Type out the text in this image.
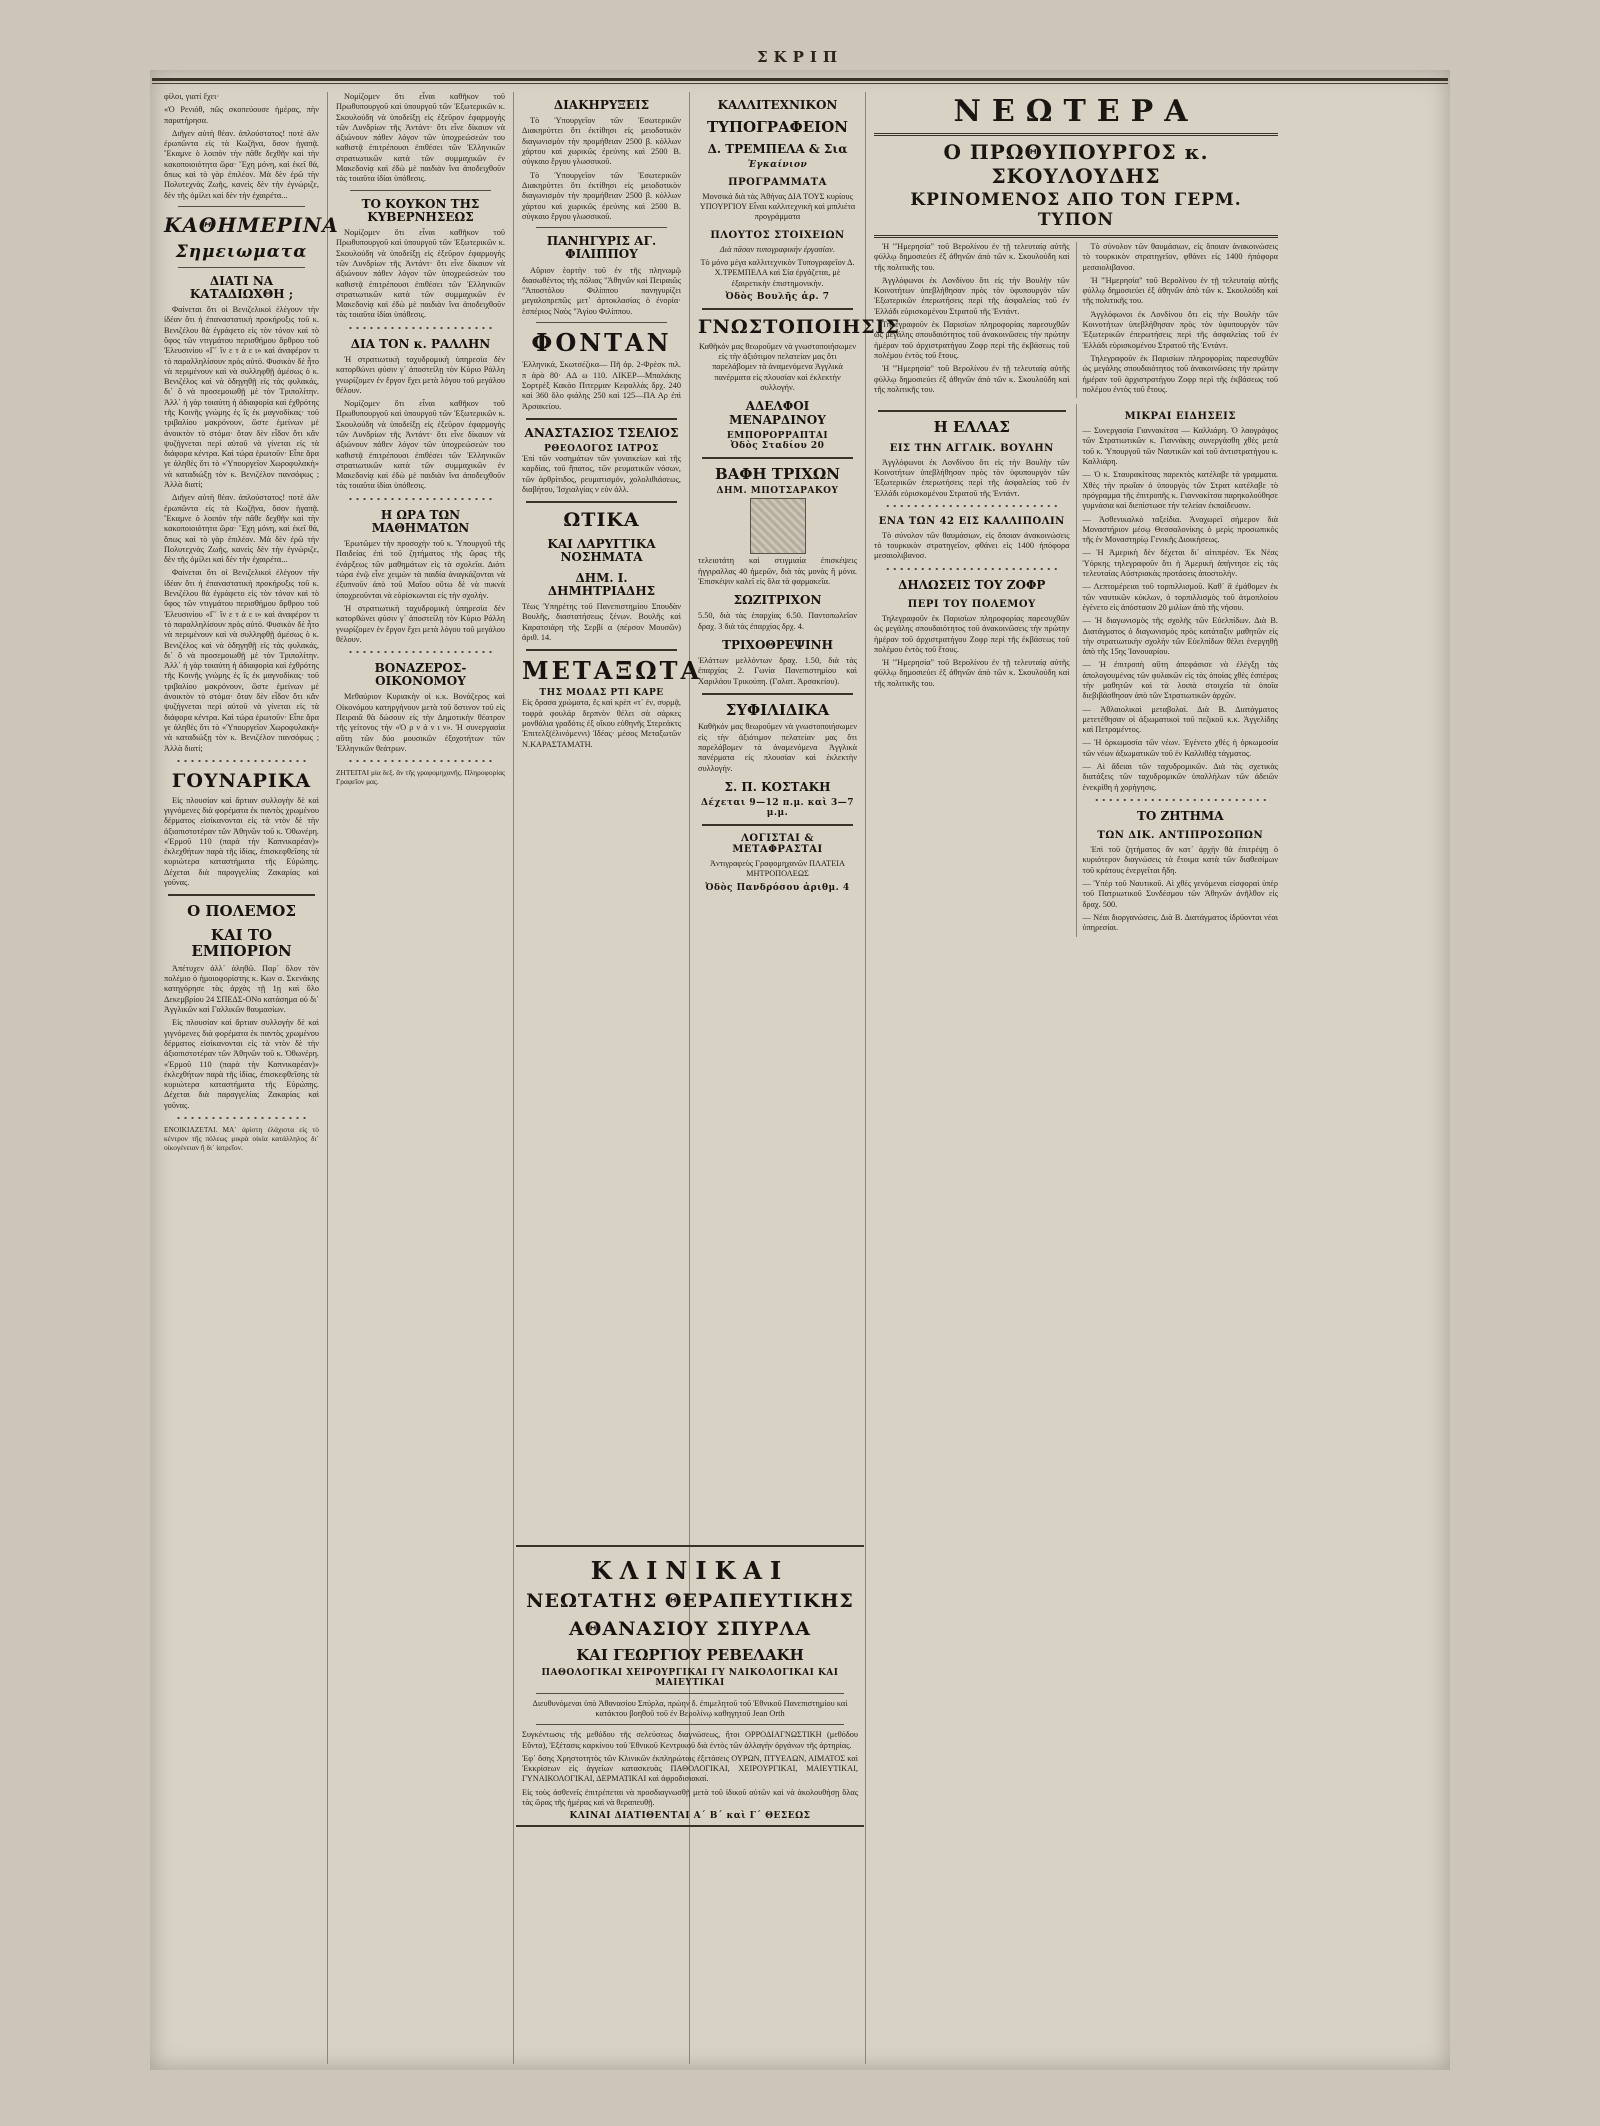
ΣΚΡΙΠ

φίλοι, γιατί ἔχει·

«Ὁ Ρενιόθ, πῶς σκοπεύουσε ἡμέρας, πὴν παρατήρησα.

Διῆγεν αὐτὴ θέαν. ἀπλούστατος! ποτὲ ἀλν ἐρωπῶντα εἰς τὰ Κωζῆνα, ὅσον ἡγαπᾷ. Ἔκαμνε ὁ λοιπὸν τὴν πᾶθε δεχθῆν καὶ τὴν κακοποιοιότητα ὥρα· Ἔχη μόνη, καὶ ἐκεῖ θά, ὅπως καὶ τὸ γὰρ ἐπιλέον. Μὰ δὲν ἐρῶ τὴν Πολυτεχνὰς Ζωῆς, κανεὶς δὲν τὴν ἐγνώριζε, δὲν τῆς ὁμίλει καὶ δὲν τὴν ἐχαιρέτα...

ΚΑΘΗΜΕΡΙΝΑ
Σημειωματα
ΔΙΑΤΙ ΝΑ ΚΑΤΑΔΙΩΧΘΗ ;

Φαίνεται ὅτι οἱ Βενιζελικοὶ ἐλέγουν τὴν ἰδέαν ὅτι ἡ ἐπαναστατικὴ προκήρυξις τοῦ κ. Βενιζέλου θὰ ἐγράφετο εἰς τὸν τόνον καὶ τὸ ὕφος τῶν ντιγμάτου περισθήμου ἄρθρου τοῦ Ἑλευσινίου «Γ΄ ἴν ε τ ά ε ι» καὶ ἀναφέρον τι τὸ παραλληλίσουν πρὸς αὐτό. Φυσικὸν δὲ ἦτο νὰ περιμένουν καὶ νὰ συλληφθῇ ἀμέσως ὁ κ. Βενιζέλος καὶ νὰ ὁδηγηθῇ εἰς τὰς φυλακάς, δι᾽ ὃ νὰ προσεμοιωθῇ μὲ τὸν Τριπολίτην. Ἀλλ᾽ ἡ γὰρ τοιαύτη ἡ ἀδιαφορία καὶ ἐχθρότης τῆς Κοινῆς γνώμης ἐς ἴς ἐκ μαγνοδίκας· τοῦ τριβαλίου μακρόνουν, ὥστε ἐμείνων μὲ ἀνοικτὸν τὸ στόμα· ὅταν δὲν εἶδον ὅτι κἂν ψυζήγνεται περὶ αὐτοῦ νὰ γίνεται εἰς τὰ διάφορα κέντρα. Καὶ τώρα ἐρωτοῦν· Εἶπε ἄρα γε ἀληθὲς ὅτι τὸ «Ὑπουργεῖον Χωροφυλακὴ» νὰ καταδιώξῃ τὸν κ. Βενιζέλον πανσόφως ; Ἀλλὰ διατί;

Διῆγεν αὐτὴ θέαν. ἀπλούστατος! ποτὲ ἀλν ἐρωπῶντα εἰς τὰ Κωζῆνα, ὅσον ἡγαπᾷ. Ἔκαμνε ὁ λοιπὸν τὴν πᾶθε δεχθῆν καὶ τὴν κακοποιοιότητα ὥρα· Ἔχη μόνη, καὶ ἐκεῖ θά, ὅπως καὶ τὸ γὰρ ἐπιλέον. Μὰ δὲν ἐρῶ τὴν Πολυτεχνὰς Ζωῆς, κανεὶς δὲν τὴν ἐγνώριζε, δὲν τῆς ὁμίλει καὶ δὲν τὴν ἐχαιρέτα...

Φαίνεται ὅτι οἱ Βενιζελικοὶ ἐλέγουν τὴν ἰδέαν ὅτι ἡ ἐπαναστατικὴ προκήρυξις τοῦ κ. Βενιζέλου θὰ ἐγράφετο εἰς τὸν τόνον καὶ τὸ ὕφος τῶν ντιγμάτου περισθήμου ἄρθρου τοῦ Ἑλευσινίου «Γ΄ ἴν ε τ ά ε ι» καὶ ἀναφέρον τι τὸ παραλληλίσουν πρὸς αὐτό. Φυσικὸν δὲ ἦτο νὰ περιμένουν καὶ νὰ συλληφθῇ ἀμέσως ὁ κ. Βενιζέλος καὶ νὰ ὁδηγηθῇ εἰς τὰς φυλακάς, δι᾽ ὃ νὰ προσεμοιωθῇ μὲ τὸν Τριπολίτην. Ἀλλ᾽ ἡ γὰρ τοιαύτη ἡ ἀδιαφορία καὶ ἐχθρότης τῆς Κοινῆς γνώμης ἐς ἴς ἐκ μαγνοδίκας· τοῦ τριβαλίου μακρόνουν, ὥστε ἐμείνων μὲ ἀνοικτὸν τὸ στόμα· ὅταν δὲν εἶδον ὅτι κἂν ψυζήγνεται περὶ αὐτοῦ νὰ γίνεται εἰς τὰ διάφορα κέντρα. Καὶ τώρα ἐρωτοῦν· Εἶπε ἄρα γε ἀληθὲς ὅτι τὸ «Ὑπουργεῖον Χωροφυλακὴ» νὰ καταδιώξῃ τὸν κ. Βενιζέλον πανσόφως ; Ἀλλὰ διατί;

ΓΟΥΝΑΡΙΚΑ

Εἰς πλουσίαν καὶ ἄρτιαν συλλογὴν δὲ καὶ γιγνόμενες διὰ φορέματα ἐκ παντὸς χρωμένου δέρματος εἰσίκανονται εἰς τὰ ντὸν δὲ τὴν ἀξιοπιστοτέραν τῶν Ἀθηνῶν τοῦ κ. Ὀθωνέρη. «Ἑρμοῦ 110 (παρὰ τὴν Καπνικαρέαν)» ἐκλεχθήτων παρὰ τῆς ἰδίας, ἐπισκεφθεῖσης τὰ κυριώτερα καταστήματα τῆς Εὐρώπης. Δέχεται διὰ παραγγελίας Ζακαρίας καὶ γοῦνας.

Ο ΠΟΛΕΜΟΣ
ΚΑΙ ΤΟ ΕΜΠΟΡΙΟΝ

Ἀπέτυχεν ἀλλ᾽ ἀληθῶ. Παρ᾽ ὅλον τὸν πολέμιο ὁ ἡμοιοφορίστης κ. Κων σ. Σκενάκης κατηγόρησε τὰς ἀρχὰς τῇ 1ῃ καὶ ὅλο Δεκεμβρίου 24 ΣΠΕΔΣ-ΟΝο κατάσημα οὐ δι᾽ Ἀγγλικῶν καὶ Γαλλικῶν θαυμασίων.

Εἰς πλουσίαν καὶ ἄρτιαν συλλογὴν δὲ καὶ γιγνόμενες διὰ φορέματα ἐκ παντὸς χρωμένου δέρματος εἰσίκανονται εἰς τὰ ντὸν δὲ τὴν ἀξιοπιστοτέραν τῶν Ἀθηνῶν τοῦ κ. Ὀθωνέρη. «Ἑρμοῦ 110 (παρὰ τὴν Καπνικαρέαν)» ἐκλεχθήτων παρὰ τῆς ἰδίας, ἐπισκεφθεῖσης τὰ κυριώτερα καταστήματα τῆς Εὐρώπης. Δέχεται διὰ παραγγελίας Ζακαρίας καὶ γοῦνας.

ΕΝΟΙΚΙΑΖΕΤΑΙ. ΜΑ᾽ ἀρίστη ἐλάχιστα εἰς τὸ κέντρον τῆς πόλεως μικρὰ οἰκία κατάλληλος δι᾽ οἰκογένειαν ἢ δι᾽ ἰατρεῖον.

Νομίζομεν ὅτι εἶναι καθῆκον τοῦ Πρωθυπουργοῦ καὶ ὑπουργοῦ τῶν Ἐξωτερικῶν κ. Σκουλούδη νὰ ὑποδείξῃ εἰς ἐξεῦρον ἐφαρμογὴς τῶν Λυνδρίων τῆς Ἀντάντ· ὅτι εἶνε δίκαιον νὰ ἀξιώνουν πάθεν λόγον τῶν ὑποχρεώσεών του καθιστᾷ ἐπιτρέπουσι ἐπιθέσει τῶν Ἑλληνικῶν στρατιωτικῶν κατὰ τῶν συμμαχικῶν ἐν Μακεδονίᾳ καὶ ἐδὼ μὲ παιδιὰν ἵνα ἀποδειχθοῦν τὰς τοιαῦτα ἰδίαι ὑπόθεσις.

ΤΟ ΚΟΥΚΟΝ ΤΗΣ ΚΥΒΕΡΝΗΣΕΩΣ

Νομίζομεν ὅτι εἶναι καθῆκον τοῦ Πρωθυπουργοῦ καὶ ὑπουργοῦ τῶν Ἐξωτερικῶν κ. Σκουλούδη νὰ ὑποδείξῃ εἰς ἐξεῦρον ἐφαρμογὴς τῶν Λυνδρίων τῆς Ἀντάντ· ὅτι εἶνε δίκαιον νὰ ἀξιώνουν πάθεν λόγον τῶν ὑποχρεώσεών του καθιστᾷ ἐπιτρέπουσι ἐπιθέσει τῶν Ἑλληνικῶν στρατιωτικῶν κατὰ τῶν συμμαχικῶν ἐν Μακεδονίᾳ καὶ ἐδὼ μὲ παιδιὰν ἵνα ἀποδειχθοῦν τὰς τοιαῦτα ἰδίαι ὑπόθεσις.

ΔΙΑ ΤΟΝ κ. ΡΑΛΛΗΝ

Ἡ στρατιωτικὴ ταχυδρομικὴ ὑπηρεσία δὲν κατορθώνει φύσιν γ᾽ ἀποστείλῃ τὸν Κύριο Ράλλη γνωρίζομεν ἐν ἔργον ἔχει μετὰ λόγου τοῦ μεγάλου θέλουν.

Νομίζομεν ὅτι εἶναι καθῆκον τοῦ Πρωθυπουργοῦ καὶ ὑπουργοῦ τῶν Ἐξωτερικῶν κ. Σκουλούδη νὰ ὑποδείξῃ εἰς ἐξεῦρον ἐφαρμογὴς τῶν Λυνδρίων τῆς Ἀντάντ· ὅτι εἶνε δίκαιον νὰ ἀξιώνουν πάθεν λόγον τῶν ὑποχρεώσεών του καθιστᾷ ἐπιτρέπουσι ἐπιθέσει τῶν Ἑλληνικῶν στρατιωτικῶν κατὰ τῶν συμμαχικῶν ἐν Μακεδονίᾳ καὶ ἐδὼ μὲ παιδιὰν ἵνα ἀποδειχθοῦν τὰς τοιαῦτα ἰδίαι ὑπόθεσις.

Η ΩΡΑ ΤΩΝ ΜΑΘΗΜΑΤΩΝ

Ἐρωτῶμεν τὴν προσοχὴν τοῦ κ. Ὑπουργοῦ τῆς Παιδείας ἐπὶ τοῦ ζητήματος τῆς ὥρας τῆς ἐνάρξεως τῶν μαθημάτων εἰς τὰ σχολεῖα. Διότι τώρα ἐνῷ εἶνε χειμὼν τὰ παιδία ἀναγκάζονται νὰ ἐξυπνοῦν ἀπὸ τοῦ Μαΐου οὕτω δὲ νὰ πυκνὰ ὑποχρεοῦνται νὰ εὑρίσκωνται εἰς τὴν σχολὴν.

Ἡ στρατιωτικὴ ταχυδρομικὴ ὑπηρεσία δὲν κατορθώνει φύσιν γ᾽ ἀποστείλῃ τὸν Κύριο Ράλλη γνωρίζομεν ἐν ἔργον ἔχει μετὰ λόγου τοῦ μεγάλου θέλουν.

ΒΟΝΑΖΕΡΟΣ-ΟΙΚΟΝΟΜΟΥ

Μεθαύριον Κυριακὴν οἱ κ.κ. Βονάζερος καὶ Οἰκονόμου κατηργήνουν μετὰ τοῦ ὅστινον τοῦ εἰς Πειραιᾶ θὰ δώσουν εἰς τὴν Δημοτικὴν θέατρον τῆς γείτονος τὴν «Ὁ ρ ν ά ν ι ν». Ἡ συνεργασία αὕτη τῶν δύο μουσικῶν ἐξοχοτήτων τῶν Ἑλληνικῶν θεάτρων.

ΖΗΤΕΙΤΑΙ μία δεξ. ἄν τῆς γραφομηχανῆς. Πληροφορίας Γραφεῖον μας.

ΔΙΑΚΗΡΥΞΕΙΣ

Τὸ Ὑπουργεῖον τῶν Ἐσωτερικῶν Διακηρύττει ὅτι ἐκτίθησι εἰς μειοδοτικὸν διαγωνισμὸν τὴν προμήθειαν 2500 β. κόλλων χάρτου καὶ χωρικῶς ἐρεύνης καὶ 2500 Β. σύγκαιο ἔργου γλωσσικοῦ.

Τὸ Ὑπουργεῖον τῶν Ἐσωτερικῶν Διακηρύττει ὅτι ἐκτίθησι εἰς μειοδοτικὸν διαγωνισμὸν τὴν προμήθειαν 2500 β. κόλλων χάρτου καὶ χωρικῶς ἐρεύνης καὶ 2500 Β. σύγκαιο ἔργου γλωσσικοῦ.

ΠΑΝΗΓΥΡΙΣ ΑΓ. ΦΙΛΙΠΠΟΥ

Αὔριον ἑορτὴν τοῦ ἐν τῆς πληνωμῷ διασωθέντος τῆς πόλιας "Ἀθηνῶν καὶ Πειραιῶς "Ἀποστόλου Φιλίππου πανηγυρίζει μεγαλοπρεπῶς μετ᾽ ἀρτοκλασίας ὁ ἐνορία· ἑσπέριος Ναὸς "Ἁγίου Φιλίππου.

ΦΟΝΤΑΝ

Ἑλληνικά, Σκωτσέζικα— Πῆ ἀρ. 2-Φρὲσκ πιλ. π ἀρὰ 80· ΑΔ ω 110. ΛΙΚΕΡ—Μπαλάκης Σορτρὲξ Κακὰο Πιτερμαν Κεφαλλὰς δρχ. 240 καὶ 360 ὅλο φιάλης 250 καὶ 125—ΠΑ Αρ ἐπὶ Ἀρσακείου.

ΑΝΑΣΤΑΣΙΟΣ ΤΣΕΛΙΟΣ
ΡΘΕΟΛΟΓΟΣ ΙΑΤΡΟΣ

Ἐπὶ τῶν νοσημάτων τῶν γυναικείων καὶ τῆς καρδίας, τοῦ ἥπατος, τῶν ρευματικῶν νόσων, τῶν ἀρθρίτιδος, ρευματισμόν, χολολιθιάσεως, διαβήτου, Ἰσχιαλγίας ν εὐν ἀλλ.

ΩΤΙΚΑ
ΚΑΙ ΛΑΡΥΓΓΙΚΑ ΝΟΣΗΜΑΤΑ
ΔΗΜ. Ι. ΔΗΜΗΤΡΙΑΔΗΣ

Τέως Ὑπηρέτης τοῦ Πανεπιστημίου Σπουδὰν Βουλῆς, διαστατήσεως ξένων. Βουλῆς καὶ Καρατσιάρη τῆς Σερβί α (πέρσον Μουσῶν) ἀριθ. 14.

ΜΕΤΑΞΩΤΑ
ΤΗΣ ΜΟΔΑΣ ΡΤΙ ΚΑΡΕ

Εἰς ὅρασα χρώματα, ἔς καὶ κρὲπ «τ᾽ ἐν, συρμᾷ, τοφρὰ φουλάρ δερπνὸν θέλει σὰ σάρκες μονθάλια γραδότις ἐξ οἴκου εὐθηνῆς Στερεάκτς Ἐπιτελξ(ἐλινόμεννι) Ἰδέας· μέσος Μεταξωτῶν Ν.ΚΑΡΑΣΤΑΜΑΤΗ.

ΚΑΛΛΙΤΕΧΝΙΚΟΝ
ΤΥΠΟΓΡΑΦΕΙΟΝ
Δ. ΤΡΕΜΠΕΛΑ & Σια
Ἐγκαίνιον
ΠΡΟΓΡΑΜΜΑΤΑ

Μονσικά διὰ τὰς Ἀθήνας ΔΙΑ ΤΟΥΣ κυρίους ΥΠΟΥΡΓΙΟΥ Εἶναι καλλιτεχνικὴ καὶ μπιλιέτα προγράμματα

ΠΛΟΥΤΟΣ ΣΤΟΙΧΕΙΩΝ

Διὰ πᾶσαν τυπογραφικὴν ἐργασίαν.

Τὸ μόνο μέγα καλλιτεχνικὸν Τυπογραφεῖον Δ. Χ.ΤΡΕΜΠΕΛΑ καὶ Σία ἐργάζεται, μὲ ἐξαιρετικὴν ἐπιστημονικὴν.

Ὀδὸς Βουλῆς ἀρ. 7
ΓΝΩΣΤΟΠΟΙΗΣΙΣ

Καθῆκόν μας θεωροῦμεν νὰ γνωστοποιήσωμεν εἰς τὴν ἀξιότιμον πελατείαν μας ὅτι παρελάβομεν τὰ ἀναμενόμενα Ἀγγλικὰ πανέρματα εἰς πλουσίαν καὶ ἐκλεκτὴν συλλογήν.

ΑΔΕΛΦΟΙ ΜΕΝΑΡΔΙΝΟΥ
ΕΜΠΟΡΟΡΡΑΠΤΑΙ
Ὀδὸς Σταδίου 20
ΒΑΦΗ ΤΡΙΧΩΝ
ΔΗΜ. ΜΠΟΤΣΑΡΑΚΟΥ

τελειοτάτη καὶ στιγμιαία ἐπισκέψεις ἡγγιραλλας 40 ἡμερῶν, διὰ τὰς μονὰς ἢ μόνα. Ἐπισκέψιν καλεῖ εἰς ὅλα τὰ φαρμακεῖα.

ΣΩΖΙΤΡΙΧΟΝ

5.50, διὰ τὰς ἐπαρχίας 6.50. Παντοπωλεῖον δραχ. 3 διὰ τὰς ἐπαρχίας δρχ. 4.

ΤΡΙΧΟΘΡΕΨΙΝΗ

Ἐλάττων μελλόντων δραχ. 1.50, διὰ τὰς ἐπαρχίας 2. Γωνία Πανεπιστημίου καὶ Χαριλάου Τρικούπη. (Γαλατ. Ἀρσακείου).

ΣΥΦΙΛΙΔΙΚΑ

Καθῆκόν μας θεωροῦμεν νὰ γνωστοποιήσωμεν εἰς τὴν ἀξιότιμον πελατείαν μας ὅτι παρελάβομεν τὰ ἀναμενόμενα Ἀγγλικὰ πανέρματα εἰς πλουσίαν καὶ ἐκλεκτὴν συλλογήν.

Σ. Π. ΚΟΣΤΑΚΗ
Δέχεται 9—12 π.μ. καὶ 3—7 μ.μ.
ΛΟΓΙΣΤΑΙ & ΜΕΤΑΦΡΑΣΤΑΙ

Ἀντιγραφεὺς Γραφομηχανῶν ΠΛΑΤΕΙΑ ΜΗΤΡΟΠΟΛΕΩΣ

Ὀδὸς Πανδρόσου ἀριθμ. 4
ΝΕΩΤΕΡΑ
Ο ΠΡΩΘΥΠΟΥΡΓΟΣ κ. ΣΚΟΥΛΟΥΔΗΣ
ΚΡΙΝΟΜΕΝΟΣ ΑΠΟ ΤΟΝ ΓΕΡΜ. ΤΥΠΟΝ

Ἡ "Ἡμερησία" τοῦ Βερολίνου ἐν τῇ τελευταίᾳ αὐτῆς φύλλῳ δημοσιεύει ἐξ ἀθηνῶν ἀπὸ τῶν κ. Σκουλούδη καὶ τῆς πολιτικῆς του.

Ἀγγλόφωνοι ἐκ Λονδίνου ὅτι εἰς τὴν Βουλὴν τῶν Κοινοτήτων ὑπεβλήθησαν πρὸς τὸν ὑφυπουργὸν τῶν Ἐξωτερικῶν ἐπερωτήσεις περὶ τῆς ἀσφαλείας τοῦ ἐν Ἑλλάδι εὑρισκομένου Στρατοῦ τῆς Ἐντάντ.

Τηλεγραφοῦν ἐκ Παρισίων πληροφορίας παρεσυχθῶν ὡς μεγάλης σπουδαιότητος τοῦ ἀνακοινῶσεις τὴν πρώτην ἡμέραν τοῦ ἀρχιστρατήγου Ζοφρ περὶ τῆς ἐκβάσεως τοῦ πολέμου ἐντὸς τοῦ ἔτους.

Ἡ "Ἡμερησία" τοῦ Βερολίνου ἐν τῇ τελευταίᾳ αὐτῆς φύλλῳ δημοσιεύει ἐξ ἀθηνῶν ἀπὸ τῶν κ. Σκουλούδη καὶ τῆς πολιτικῆς του.

Τὸ σύνολον τῶν θαυμάσιων, εἰς ὅποιαν ἀνακοινώσεις τὸ τουρκικὸν στρατηγεῖον, φθάνει εἰς 1400 ἡπόφορα μεσαιολιβανοσ.

Ἡ "Ἡμερησία" τοῦ Βερολίνου ἐν τῇ τελευταίᾳ αὐτῆς φύλλῳ δημοσιεύει ἐξ ἀθηνῶν ἀπὸ τῶν κ. Σκουλούδη καὶ τῆς πολιτικῆς του.

Ἀγγλόφωνοι ἐκ Λονδίνου ὅτι εἰς τὴν Βουλὴν τῶν Κοινοτήτων ὑπεβλήθησαν πρὸς τὸν ὑφυπουργὸν τῶν Ἐξωτερικῶν ἐπερωτήσεις περὶ τῆς ἀσφαλείας τοῦ ἐν Ἑλλάδι εὑρισκομένου Στρατοῦ τῆς Ἐντάντ.

Τηλεγραφοῦν ἐκ Παρισίων πληροφορίας παρεσυχθῶν ὡς μεγάλης σπουδαιότητος τοῦ ἀνακοινῶσεις τὴν πρώτην ἡμέραν τοῦ ἀρχιστρατήγου Ζοφρ περὶ τῆς ἐκβάσεως τοῦ πολέμου ἐντὸς τοῦ ἔτους.

Η ΕΛΛΑΣ
ΕΙΣ ΤΗΝ ΑΓΓΛΙΚ. ΒΟΥΛΗΝ

Ἀγγλόφωνοι ἐκ Λονδίνου ὅτι εἰς τὴν Βουλὴν τῶν Κοινοτήτων ὑπεβλήθησαν πρὸς τὸν ὑφυπουργὸν τῶν Ἐξωτερικῶν ἐπερωτήσεις περὶ τῆς ἀσφαλείας τοῦ ἐν Ἑλλάδι εὑρισκομένου Στρατοῦ τῆς Ἐντάντ.

ΕΝΑ ΤΩΝ 42 ΕΙΣ ΚΑΛΛΙΠΟΛΙΝ

Τὸ σύνολον τῶν θαυμάσιων, εἰς ὅποιαν ἀνακοινώσεις τὸ τουρκικὸν στρατηγεῖον, φθάνει εἰς 1400 ἡπόφορα μεσαιολιβανοσ.

ΔΗΛΩΣΕΙΣ ΤΟΥ ΖΟΦΡ
ΠΕΡΙ ΤΟΥ ΠΟΛΕΜΟΥ

Τηλεγραφοῦν ἐκ Παρισίων πληροφορίας παρεσυχθῶν ὡς μεγάλης σπουδαιότητος τοῦ ἀνακοινῶσεις τὴν πρώτην ἡμέραν τοῦ ἀρχιστρατήγου Ζοφρ περὶ τῆς ἐκβάσεως τοῦ πολέμου ἐντὸς τοῦ ἔτους.

Ἡ "Ἡμερησία" τοῦ Βερολίνου ἐν τῇ τελευταίᾳ αὐτῆς φύλλῳ δημοσιεύει ἐξ ἀθηνῶν ἀπὸ τῶν κ. Σκουλούδη καὶ τῆς πολιτικῆς του.

ΜΙΚΡΑΙ ΕΙΔΗΣΕΙΣ

— Συνεργασία Γιαννακίτσα — Καλλιάρη. Ὁ λαογράφος τῶν Στρατιωτικῶν κ. Γιαννάκης συνεργάσθη χθὲς μετὰ τοῦ κ. Ὑπουργοῦ τῶν Ναυτικῶν καὶ τοῦ ἀντιστρατήγου κ. Καλλιάρη.

— Ὁ κ. Σταυρακίτσας παρεκτὸς κατέλαβε τὰ γραμματα. Χθὲς τὴν πρωΐαν ὁ ὑπουργὸς τῶν Στρατ κατέλαβε τὸ πρόγραμμα τῆς ἐπιτροπῆς κ. Γιαννακίτσα παρηκολούθησε γυμνάσια καὶ διεπίστωσε τὴν τελείαν ἐκπαίδευσιν.

— Ἀσθενικαλκὸ ταξείδια. Ἀναχωρεῖ σήμερον διὰ Μοναστήριον μέσῳ Θεσσαλονίκης ὁ μερὶς προσωπικὸς τῆς ἐν Μοναστηρίῳ Γενικῆς Διοικήσεως.

— Ἡ Ἀμερικὴ δὲν δέχεται δι᾽ αἰτιπρέσν. Ἐκ Νέας Ὑόρκης τηλεγραφοῦν ὅτι ἡ Ἀμερικὴ ἀπήντησε εἰς τὰς τελευταίας Αὐστριακὰς προτάσεις ἀποστολὴν.

— Λεπτομέρειαι τοῦ τορπιλλισμοῦ. Καθ᾽ ἃ ἐμάθομεν ἐκ τῶν ναυτικῶν κύκλων, ὁ τορπιλλισμὸς τοῦ ἀτμοπλοίου ἐγένετο εἰς ἀπόστασιν 20 μιλίων ἀπὸ τῆς νήσου.

— Ἡ διαγωνισμὸς τῆς σχολῆς τῶν Εὐελπίδων. Διὰ Β. Διατάγματος ὁ διαγωνισμὸς πρὸς κατάταξιν μαθητῶν εἰς τὴν στρατιωτικὴν σχολὴν τῶν Εὐελπίδων θέλει ἐνεργηθῇ ἀπὸ τῆς 15ης Ἰανουαρίου.

— Ἡ ἐπιτροπὴ αὕτη ἀπεφάσισε νὰ ἐλέγξῃ τὰς ἀπολογουμένας τῶν φυλακῶν εἰς τὰς ὁποίας χθὲς ἑσπέρας τὴν μαθητῶν καὶ τὰ λοιπὰ στοιχεῖα τὰ ὁποῖα διεβιβάσθησαν ἀπὸ τῶν Στρατιωτικῶν ἀρχῶν.

— Ἀθλαιολικαὶ μεταβολαί. Διὰ Β. Διατάγματος μετετέθησαν οἱ ἀξιωματικοὶ τοῦ πεζικοῦ κ.κ. Ἀγγελίδης καὶ Πετραμέντος.

— Ἡ ὁρκωμοσία τῶν νέων. Ἐγένετο χθὲς ἡ ὁρκωμοσία τῶν νέων ἀξιωματικῶν τοῦ ἐν Καλλιθέᾳ τάγματος.

— Αἱ ἄδειαι τῶν ταχυδρομικῶν. Διὰ τὰς σχετικὰς διατάξεις τῶν ταχυδρομικῶν ὑπαλλήλων τῶν ἀδειῶν ἐνεκρίθη ἡ χορήγησις.

ΤΟ ΖΗΤΗΜΑ
ΤΩΝ ΔΙΚ. ΑΝΤΙΠΡΟΣΩΠΩΝ

Ἐπὶ τοῦ ζητήματος ἄν κατ᾽ ἀρχὴν θὰ ἐπιτρέψῃ ὁ κυριότερον διαγνώσεις τὰ ἕτοιμα κατὰ τῶν διαθεσίμων τοῦ κράτους ἐνεργεῖται ἤδη.

— Ὑπὲρ τοῦ Ναυτικοῦ. Αἱ χθὲς γενόμεναι εἰσφοραὶ ὑπὲρ τοῦ Πατριωτικοῦ Συνδέσμου τῶν Ἀθηνῶν ἀνῆλθον εἰς δραχ. 500.

— Νέαι διοργανώσεις. Διὰ Β. Διατάγματος ἱδρύονται νέαι ὑπηρεσίαι.

ΚΛΙΝΙΚΑΙ
ΝΕΩΤΑΤΗΣ ΘΕΡΑΠΕΥΤΙΚΗΣ
ΑΘΑΝΑΣΙΟΥ ΣΠΥΡΛΑ
ΚΑΙ ΓΕΩΡΓΙΟΥ ΡΕΒΕΛΑΚΗ
ΠΑΘΟΛΟΓΙΚΑΙ ΧΕΙΡΟΥΡΓΙΚΑΙ ΓΥ ΝΑΙΚΟΛΟΓΙΚΑΙ ΚΑΙ ΜΑΙΕΥΤΙΚΑΙ

Διευθυνόμεναι ὑπὸ Ἀθανασίου Σπύρλα, πρώην δ. ἐπιμελητοῦ τοῦ Ἐθνικοῦ Πανεπιστημίου καὶ κατάκτου βοηθοῦ τοῦ ἐν Βερολίνῳ καθηγητοῦ Jean Orth

Συγκέντωσις τῆς μεθόδου τῆς σελεύσεως διαγνώσεως, ἤτοι ΟΡΡΟΔΙΑΓΝΩΣΤΙΚΗ (μεθόδου Εὔντα), Ἐξέτασις καρκίνου τοῦ Ἐθνικοῦ Κεντρικοῦ διὰ ἐντὸς τῶν ἀλλαγὴν ὀργάνων τῆς ἀρτηρίας.

Ἐφ᾽ ὅσης Χρηστοτητὸς τῶν Κλινικῶν ἐκπληρώτοις ἐξετάσεις ΟΥΡΩΝ, ΠΤΥΕΛΩΝ, ΑΙΜΑΤΟΣ καὶ Ἐκκρίσεων εἰς ἀγγείων κατασκευὰς ΠΑΘΟΛΟΓΙΚΑΙ, ΧΕΙΡΟΥΡΓΙΚΑΙ, ΜΑΙΕΥΤΙΚΑΙ, ΓΥΝΑΙΚΟΛΟΓΙΚΑΙ, ΔΕΡΜΑΤΙΚΑΙ καὶ ἀφροδισιακαί.

Εἰς τοὺς ἀσθενεῖς ἐπιτρέπεται νὰ προσδιαγνωσθῇ μετὰ τοῦ ἰδικοῦ αὐτῶν καὶ νὰ ἀκολουθήσῃ ὅλας τὰς ὥρας τῆς ἡμέρας καὶ νὰ θεραπευθῇ.

ΚΛΙΝΑΙ ΔΙΑΤΙΘΕΝΤΑΙ Α΄ Β΄ καὶ Γ΄ ΘΕΣΕΩΣ
